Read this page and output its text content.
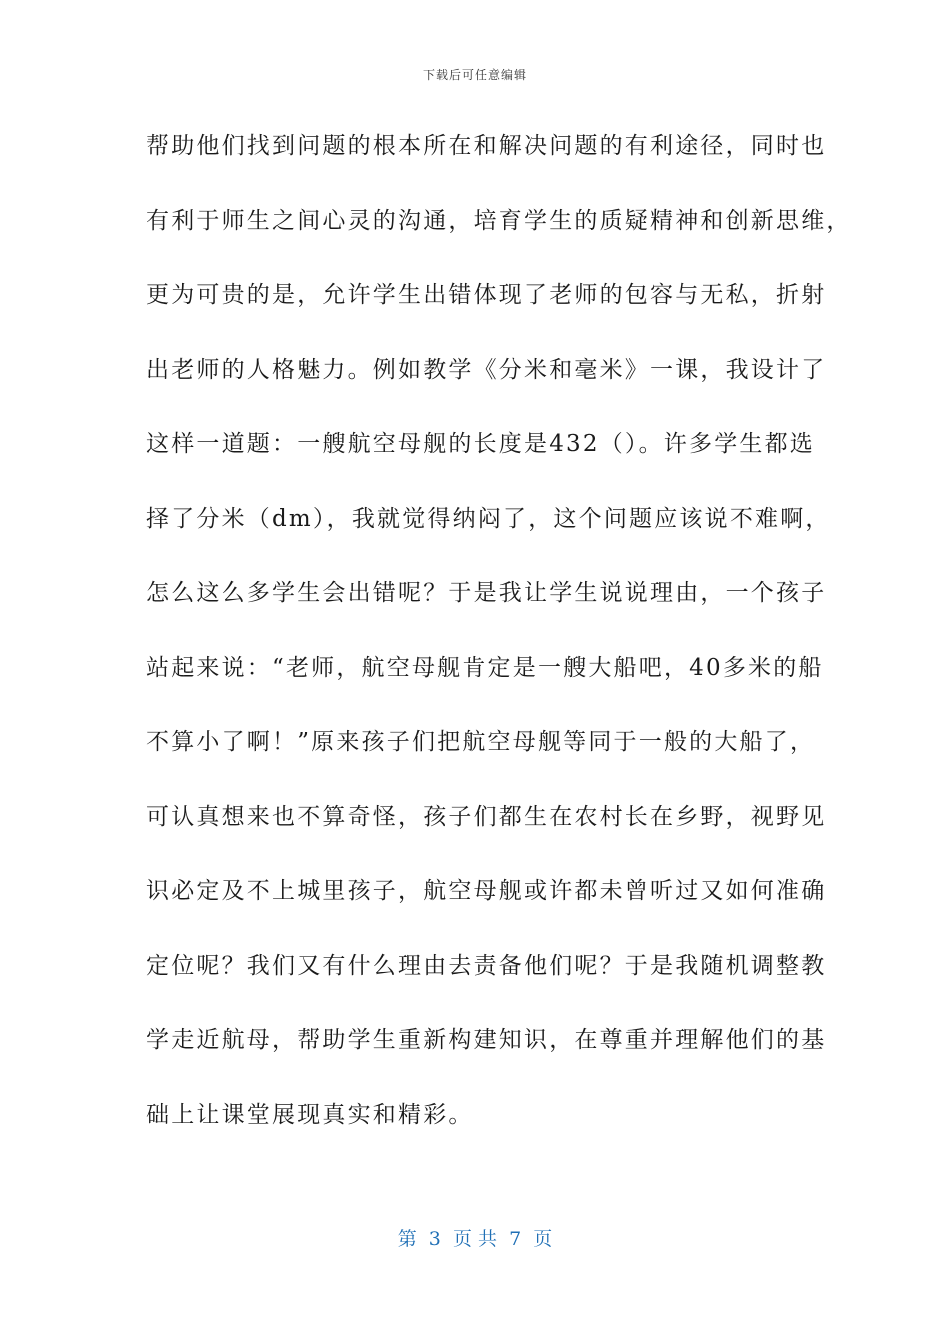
下载后可任意编辑
帮助他们找到问题的根本所在和解决问题的有利途径，同时也
有利于师生之间心灵的沟通，培育学生的质疑精神和创新思维，
更为可贵的是，允许学生出错体现了老师的包容与无私，折射
出老师的人格魅力。例如教学《分米和毫米》一课，我设计了
这样一道题：一艘航空母舰的长度是432（）。许多学生都选
择了分米（dm），我就觉得纳闷了，这个问题应该说不难啊，
怎么这么多学生会出错呢？于是我让学生说说理由，一个孩子
站起来说：“老师，航空母舰肯定是一艘大船吧，40多米的船
不算小了啊！”原来孩子们把航空母舰等同于一般的大船了，
可认真想来也不算奇怪，孩子们都生在农村长在乡野，视野见
识必定及不上城里孩子，航空母舰或许都未曾听过又如何准确
定位呢？我们又有什么理由去责备他们呢？于是我随机调整教
学走近航母，帮助学生重新构建知识，在尊重并理解他们的基
础上让课堂展现真实和精彩。
第  3  页 共  7  页
